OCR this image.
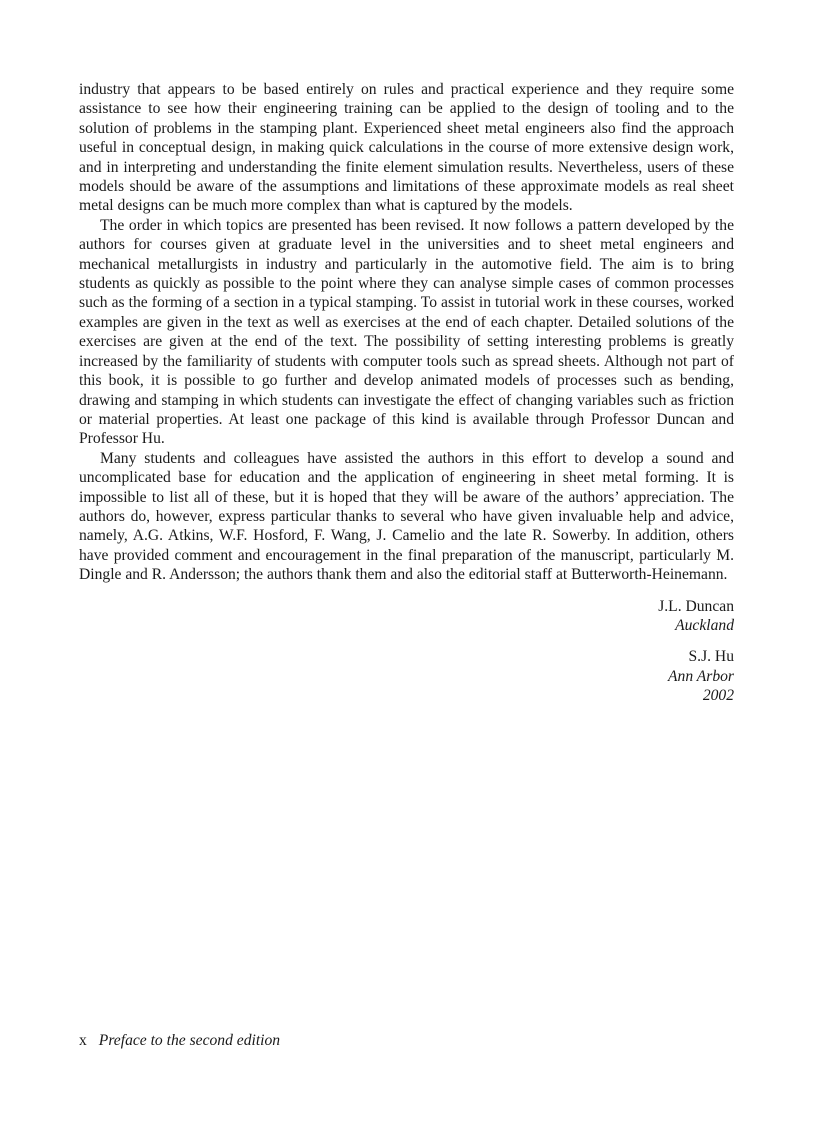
industry that appears to be based entirely on rules and practical experience and they require some assistance to see how their engineering training can be applied to the design of tooling and to the solution of problems in the stamping plant. Experienced sheet metal engineers also find the approach useful in conceptual design, in making quick calculations in the course of more extensive design work, and in interpreting and understanding the finite element simulation results. Nevertheless, users of these models should be aware of the assumptions and limitations of these approximate models as real sheet metal designs can be much more complex than what is captured by the models.

The order in which topics are presented has been revised. It now follows a pattern developed by the authors for courses given at graduate level in the universities and to sheet metal engineers and mechanical metallurgists in industry and particularly in the automotive field. The aim is to bring students as quickly as possible to the point where they can analyse simple cases of common processes such as the forming of a section in a typical stamping. To assist in tutorial work in these courses, worked examples are given in the text as well as exercises at the end of each chapter. Detailed solutions of the exercises are given at the end of the text. The possibility of setting interesting problems is greatly increased by the familiarity of students with computer tools such as spread sheets. Although not part of this book, it is possible to go further and develop animated models of processes such as bending, drawing and stamping in which students can investigate the effect of changing variables such as friction or material properties. At least one package of this kind is available through Professor Duncan and Professor Hu.

Many students and colleagues have assisted the authors in this effort to develop a sound and uncomplicated base for education and the application of engineering in sheet metal forming. It is impossible to list all of these, but it is hoped that they will be aware of the authors’ appreciation. The authors do, however, express particular thanks to several who have given invaluable help and advice, namely, A.G. Atkins, W.F. Hosford, F. Wang, J. Camelio and the late R. Sowerby. In addition, others have provided comment and encouragement in the final preparation of the manuscript, particularly M. Dingle and R. Andersson; the authors thank them and also the editorial staff at Butterworth-Heinemann.

J.L. Duncan
Auckland
S.J. Hu
Ann Arbor
2002
x Preface to the second edition
